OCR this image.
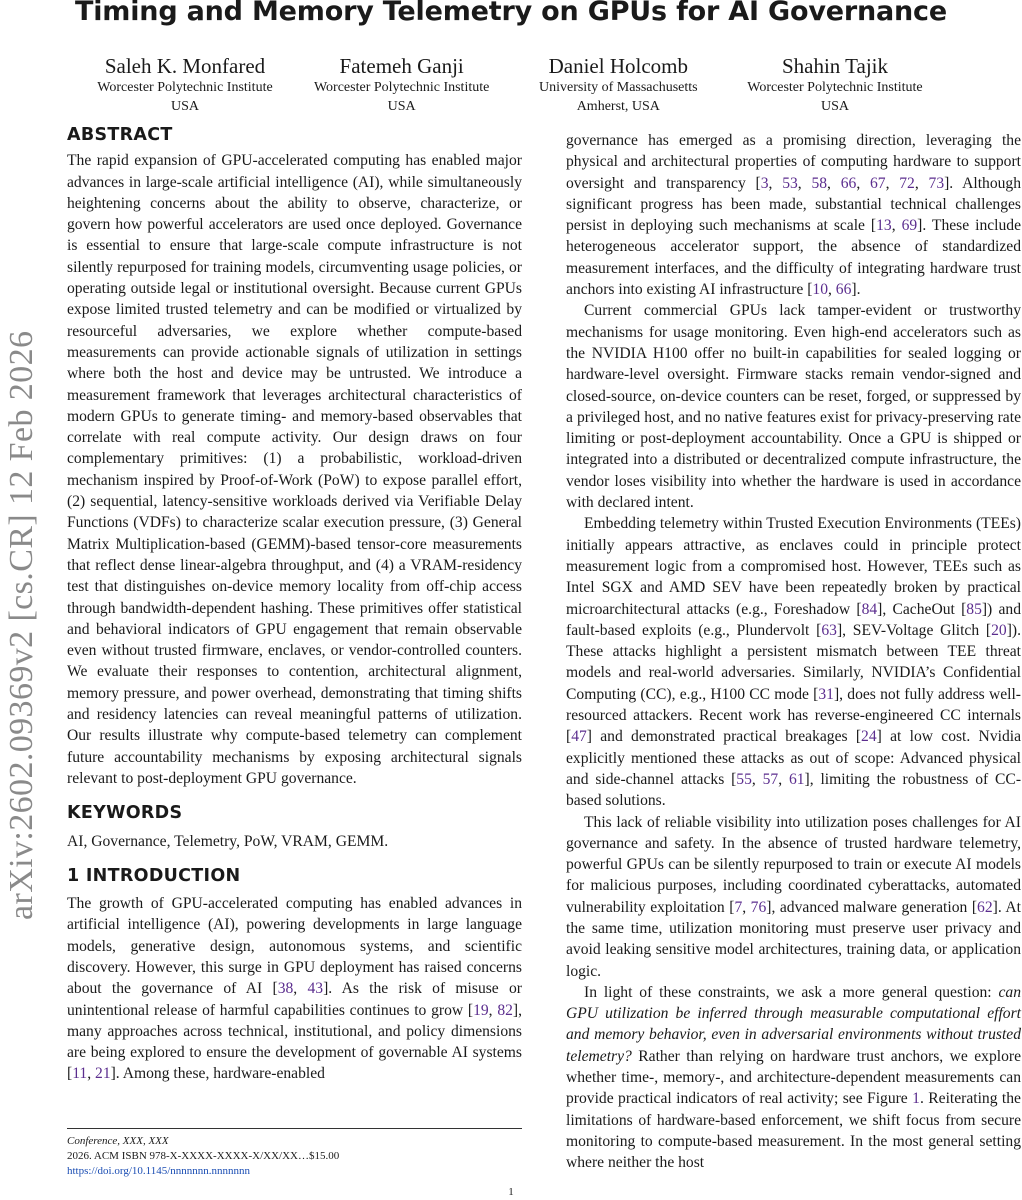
Timing and Memory Telemetry on GPUs for AI Governance
Saleh K. Monfared
Worcester Polytechnic Institute
USA
Fatemeh Ganji
Worcester Polytechnic Institute
USA
Daniel Holcomb
University of Massachusetts
Amherst, USA
Shahin Tajik
Worcester Polytechnic Institute
USA
arXiv:2602.09369v2 [cs.CR] 12 Feb 2026
ABSTRACT

The rapid expansion of GPU-accelerated computing has enabled major advances in large-scale artificial intelligence (AI), while simultaneously heightening concerns about the ability to observe, characterize, or govern how powerful accelerators are used once deployed. Governance is essential to ensure that large-scale compute infrastructure is not silently repurposed for training models, circumventing usage policies, or operating outside legal or institutional oversight. Because current GPUs expose limited trusted telemetry and can be modified or virtualized by resourceful adversaries, we explore whether compute-based measurements can provide actionable signals of utilization in settings where both the host and device may be untrusted. We introduce a measurement framework that leverages architectural characteristics of modern GPUs to generate timing- and memory-based observables that correlate with real compute activity. Our design draws on four complementary primitives: (1) a probabilistic, workload-driven mechanism inspired by Proof-of-Work (PoW) to expose parallel effort, (2) sequential, latency-sensitive workloads derived via Verifiable Delay Functions (VDFs) to characterize scalar execution pressure, (3) General Matrix Multiplication-based (GEMM)-based tensor-core measurements that reflect dense linear-algebra throughput, and (4) a VRAM-residency test that distinguishes on-device memory locality from off-chip access through bandwidth-dependent hashing. These primitives offer statistical and behavioral indicators of GPU engagement that remain observable even without trusted firmware, enclaves, or vendor-controlled counters. We evaluate their responses to contention, architectural alignment, memory pressure, and power overhead, demonstrating that timing shifts and residency latencies can reveal meaningful patterns of utilization. Our results illustrate why compute-based telemetry can complement future accountability mechanisms by exposing architectural signals relevant to post-deployment GPU governance.

KEYWORDS

AI, Governance, Telemetry, PoW, VRAM, GEMM.

1 INTRODUCTION

The growth of GPU-accelerated computing has enabled advances in artificial intelligence (AI), powering developments in large language models, generative design, autonomous systems, and scientific discovery. However, this surge in GPU deployment has raised concerns about the governance of AI [38, 43]. As the risk of misuse or unintentional release of harmful capabilities continues to grow [19, 82], many approaches across technical, institutional, and policy dimensions are being explored to ensure the development of governable AI systems [11, 21]. Among these, hardware-enabled

governance has emerged as a promising direction, leveraging the physical and architectural properties of computing hardware to support oversight and transparency [3, 53, 58, 66, 67, 72, 73]. Although significant progress has been made, substantial technical challenges persist in deploying such mechanisms at scale [13, 69]. These include heterogeneous accelerator support, the absence of standardized measurement interfaces, and the difficulty of integrating hardware trust anchors into existing AI infrastructure [10, 66].

Current commercial GPUs lack tamper-evident or trustworthy mechanisms for usage monitoring. Even high-end accelerators such as the NVIDIA H100 offer no built-in capabilities for sealed logging or hardware-level oversight. Firmware stacks remain vendor-signed and closed-source, on-device counters can be reset, forged, or suppressed by a privileged host, and no native features exist for privacy-preserving rate limiting or post-deployment accountability. Once a GPU is shipped or integrated into a distributed or decentralized compute infrastructure, the vendor loses visibility into whether the hardware is used in accordance with declared intent.

Embedding telemetry within Trusted Execution Environments (TEEs) initially appears attractive, as enclaves could in principle protect measurement logic from a compromised host. However, TEEs such as Intel SGX and AMD SEV have been repeatedly broken by practical microarchitectural attacks (e.g., Foreshadow [84], CacheOut [85]) and fault-based exploits (e.g., Plundervolt [63], SEV-Voltage Glitch [20]). These attacks highlight a persistent mismatch between TEE threat models and real-world adversaries. Similarly, NVIDIA’s Confidential Computing (CC), e.g., H100 CC mode [31], does not fully address well-resourced attackers. Recent work has reverse-engineered CC internals [47] and demonstrated practical breakages [24] at low cost. Nvidia explicitly mentioned these attacks as out of scope: Advanced physical and side-channel attacks [55, 57, 61], limiting the robustness of CC-based solutions.

This lack of reliable visibility into utilization poses challenges for AI governance and safety. In the absence of trusted hardware telemetry, powerful GPUs can be silently repurposed to train or execute AI models for malicious purposes, including coordinated cyberattacks, automated vulnerability exploitation [7, 76], advanced malware generation [62]. At the same time, utilization monitoring must preserve user privacy and avoid leaking sensitive model architectures, training data, or application logic.

In light of these constraints, we ask a more general question: can GPU utilization be inferred through measurable computational effort and memory behavior, even in adversarial environments without trusted telemetry? Rather than relying on hardware trust anchors, we explore whether time-, memory-, and architecture-dependent measurements can provide practical indicators of real activity; see Figure 1. Reiterating the limitations of hardware-based enforcement, we shift focus from secure monitoring to compute-based measurement. In the most general setting where neither the host

Conference, XXX, XXX
2026. ACM ISBN 978-X-XXXX-XXXX-X/XX/XX…$15.00
https://doi.org/10.1145/nnnnnnn.nnnnnnn
1
